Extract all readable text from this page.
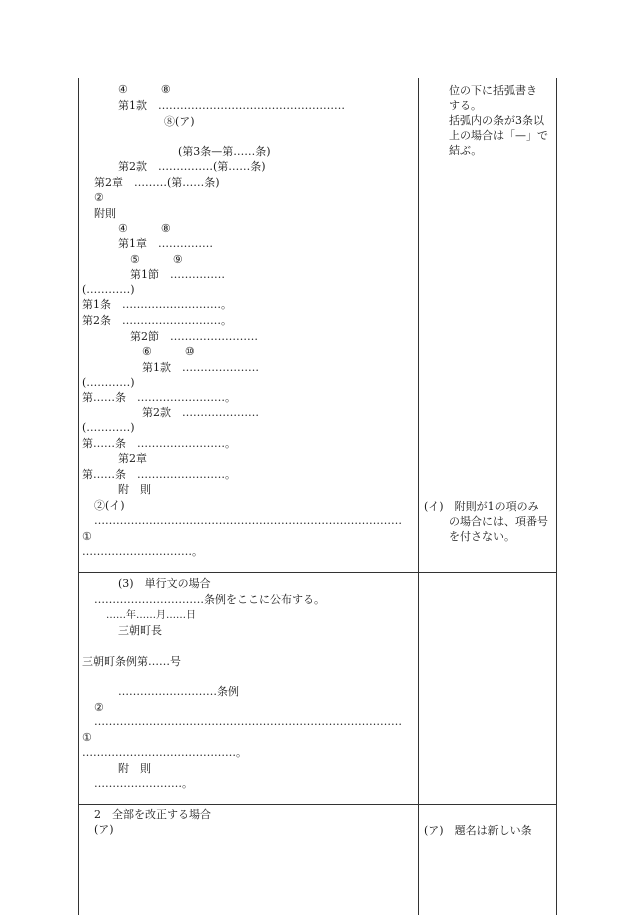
④　　　⑧
第1款　……………………………………………
⑧(ア)
(第3条—第……条)
第2款　……………(第……条)
第2章　………(第……条)
②
附則
④　　　⑧
第1章　……………
⑤　　　⑨
第1節　……………
(…………)
第1条　………………………。
第2条　………………………。
第2節　……………………
⑥　　　⑩
第1款　…………………
(…………)
第……条　……………………。
第2款　…………………
(…………)
第……条　……………………。
第2章
第……条　……………………。
附　則
②(イ)
…………………………………………………………………………
①
…………………………。
位の下に括弧書き
する。
括弧内の条が3条以
上の場合は「—」で
結ぶ。
(イ)　附則が1の項のみ
の場合には、項番号
を付さない。
(3)　単行文の場合
…………………………条例をここに公布する。
……年……月……日
三朝町長
三朝町条例第……号
………………………条例
②
…………………………………………………………………………
①
……………………………………。
附　則
……………………。
2　全部を改正する場合
(ア)	(ア)　題名は新しい条
